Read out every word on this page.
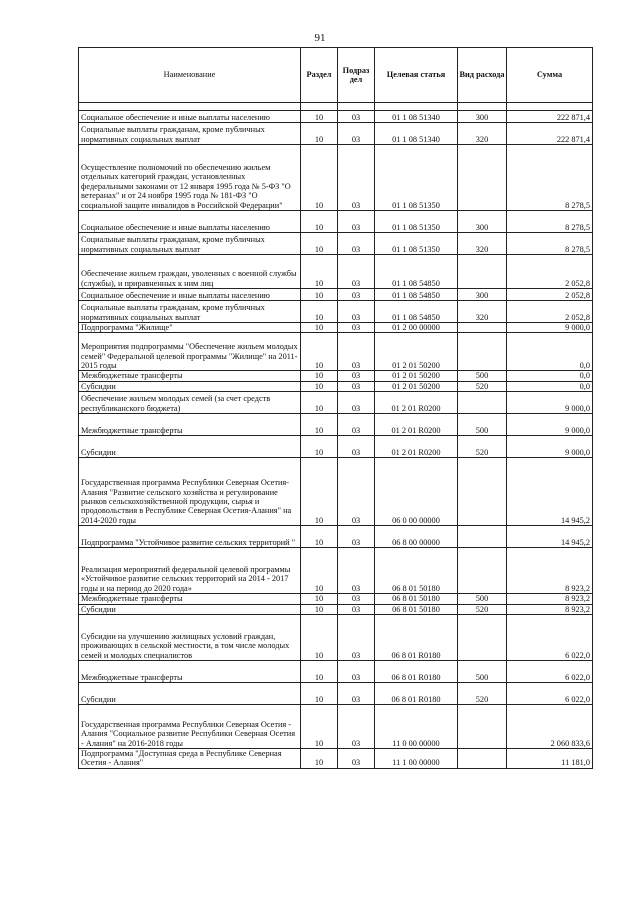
91
Наименование	Раздел	Подраз дел	Целевая статья	Вид расхода	Сумма

Социальное обеспечение и иные выплаты населению	10	03	01 1 08 51340	300	222 871,4
Социальные выплаты гражданам, кроме публичных нормативных социальных выплат	10	03	01 1 08 51340	320	222 871,4
Осуществление полномочий по обеспечению жильем отдельных категорий граждан, установленных федеральными законами от 12 января 1995 года № 5-ФЗ "О ветеранах" и от 24 ноября 1995 года № 181-ФЗ "О социальной защите инвалидов в Российской Федерации"	10	03	01 1 08 51350		8 278,5
Социальное обеспечение и иные выплаты населению	10	03	01 1 08 51350	300	8 278,5
Социальные выплаты гражданам, кроме публичных нормативных социальных выплат	10	03	01 1 08 51350	320	8 278,5
Обеспечение жильем граждан, уволенных с военной службы (службы), и приравненных к ним лиц	10	03	01 1 08 54850		2 052,8
Социальное обеспечение и иные выплаты населению	10	03	01 1 08 54850	300	2 052,8
Социальные выплаты гражданам, кроме публичных нормативных социальных выплат	10	03	01 1 08 54850	320	2 052,8
Подпрограмма "Жилище"	10	03	01 2 00 00000		9 000,0
Мероприятия подпрограммы "Обеспечение жильем молодых семей" Федеральной целевой программы "Жилище" на 2011-2015 годы	10	03	01 2 01 50200		0,0
Межбюджетные трансферты	10	03	01 2 01 50200	500	0,0
Субсидии	10	03	01 2 01 50200	520	0,0
Обеспечение жильем молодых семей (за счет средств республиканского бюджета)	10	03	01 2 01 R0200		9 000,0
Межбюджетные трансферты	10	03	01 2 01 R0200	500	9 000,0
Субсидии	10	03	01 2 01 R0200	520	9 000,0
Государственная программа Республики Северная Осетия-Алания "Развитие сельского хозяйства и регулирование рынков сельскохозяйственной продукции, сырья и продовольствия в Республике Северная Осетия-Алания" на 2014-2020 годы	10	03	06 0 00 00000		14 945,2
Подпрограмма "Устойчивое развитие сельских территорий "	10	03	06 8 00 00000		14 945,2
Реализация мероприятий федеральной целевой программы «Устойчивое развитие сельских территорий на 2014 - 2017 годы и на период до 2020 года»	10	03	06 8 01 50180		8 923,2
Межбюджетные трансферты	10	03	06 8 01 50180	500	8 923,2
Субсидии	10	03	06 8 01 50180	520	8 923,2
Субсидии на улучшению жилищных условий граждан, проживающих в сельской местности, в том числе молодых семей и молодых специалистов	10	03	06 8 01 R0180		6 022,0
Межбюджетные трансферты	10	03	06 8 01 R0180	500	6 022,0
Субсидии	10	03	06 8 01 R0180	520	6 022,0
Государственная программа Республики Северная Осетия - Алания "Социальное развитие Республики Северная Осетия - Алания" на 2016-2018 годы	10	03	11 0 00 00000		2 060 833,6
Подпрограмма "Доступная среда в Республике Северная Осетия - Алания"	10	03	11 1 00 00000		11 181,0
